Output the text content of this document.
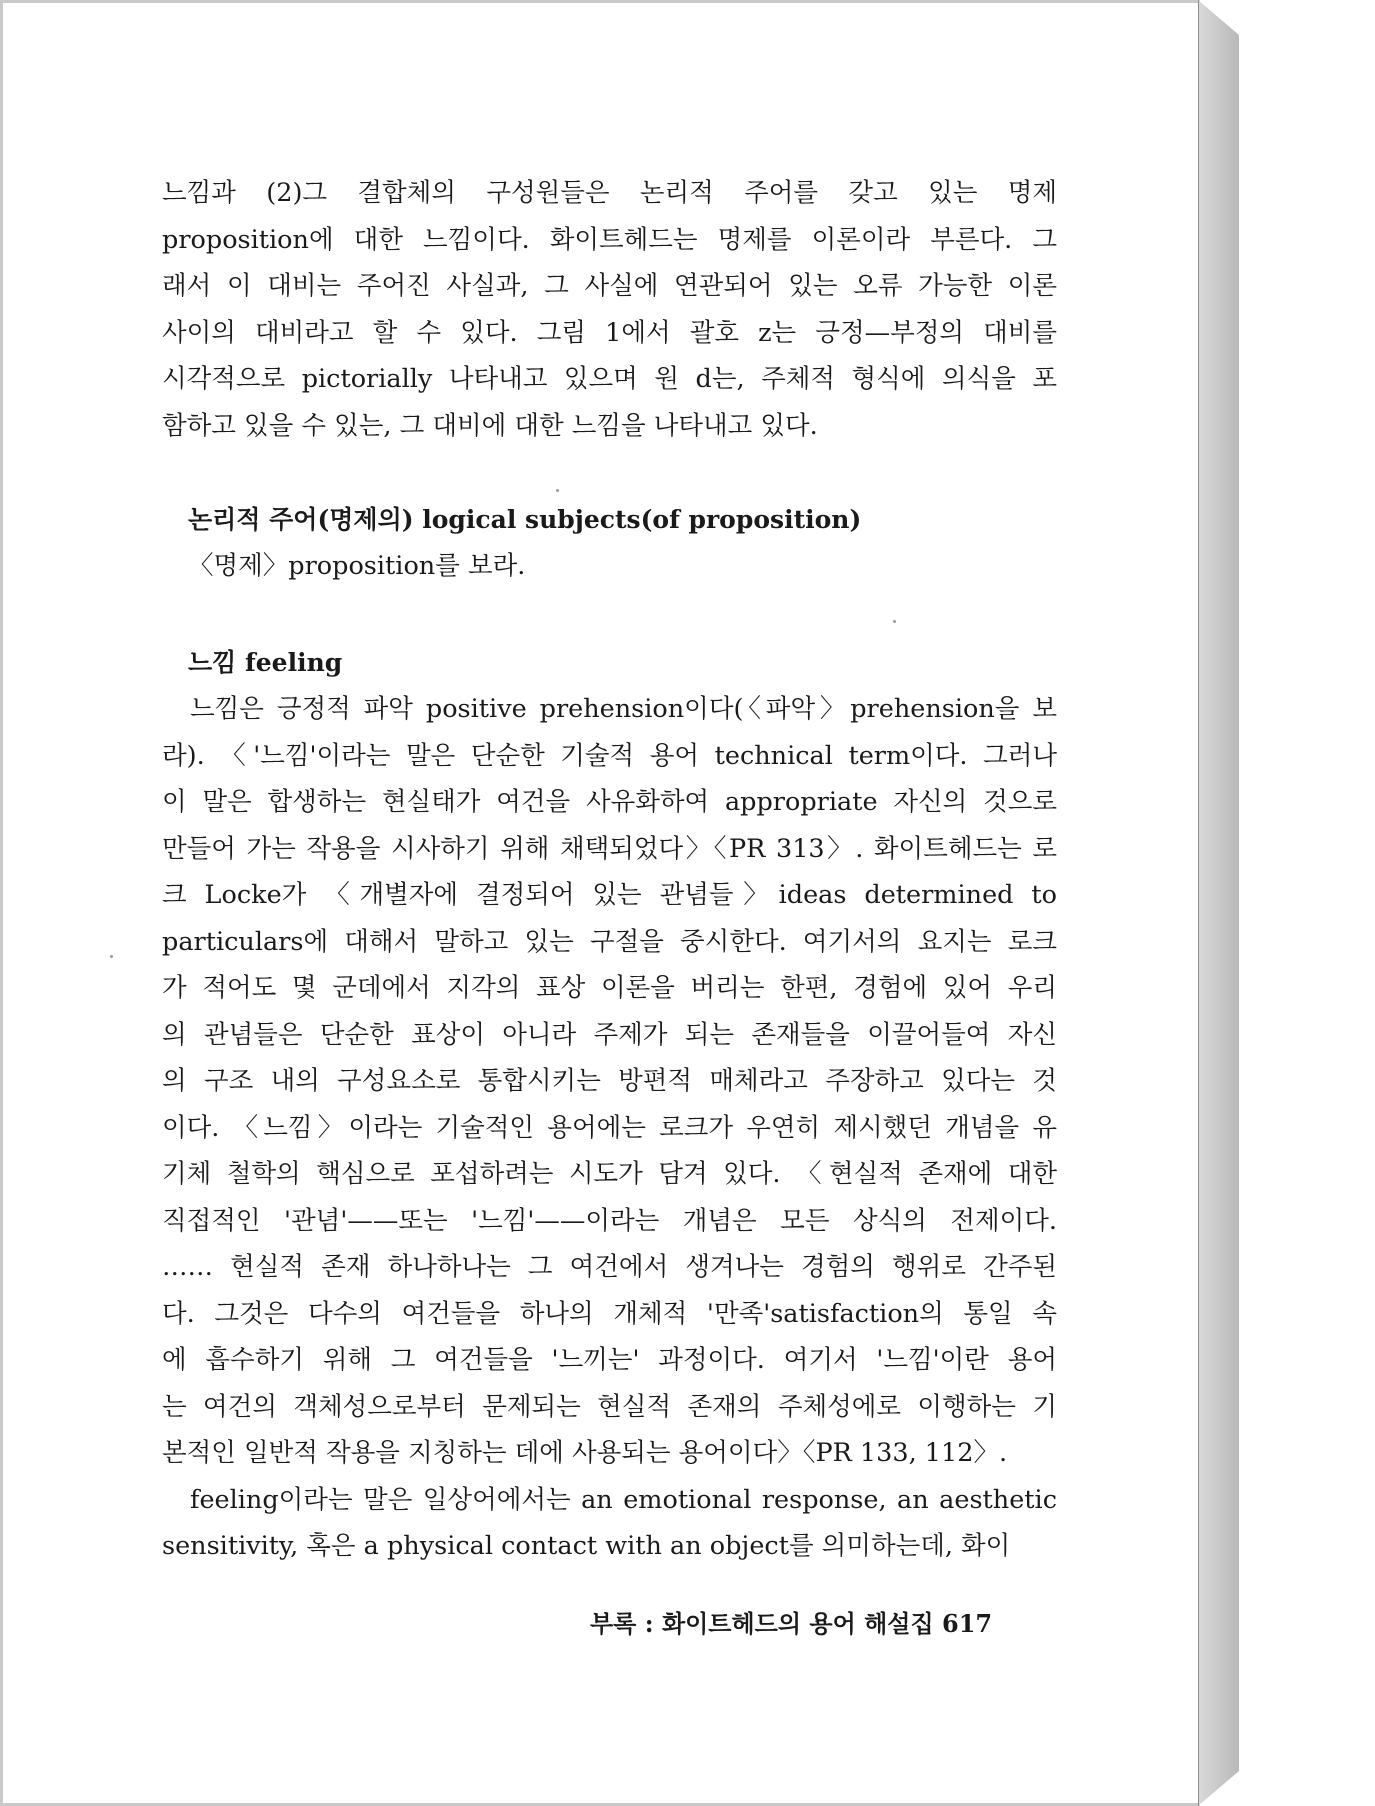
느낌과 (2)그 결합체의 구성원들은 논리적 주어를 갖고 있는 명제
proposition에 대한 느낌이다. 화이트헤드는 명제를 이론이라 부른다. 그
래서 이 대비는 주어진 사실과, 그 사실에 연관되어 있는 오류 가능한 이론
사이의 대비라고 할 수 있다. 그림 1에서 괄호 z는 긍정—부정의 대비를
시각적으로 pictorially 나타내고 있으며 원 d는, 주체적 형식에 의식을 포
함하고 있을 수 있는, 그 대비에 대한 느낌을 나타내고 있다.
논리적 주어(명제의) logical subjects(of proposition)
〈명제〉proposition를 보라.
느낌 feeling
느낌은 긍정적 파악 positive prehension이다(〈파악〉prehension을 보
라). 〈'느낌'이라는 말은 단순한 기술적 용어 technical term이다. 그러나
이 말은 합생하는 현실태가 여건을 사유화하여 appropriate 자신의 것으로
만들어 가는 작용을 시사하기 위해 채택되었다〉〈PR 313〉. 화이트헤드는 로
크 Locke가 〈개별자에 결정되어 있는 관념들〉ideas determined to
particulars에 대해서 말하고 있는 구절을 중시한다. 여기서의 요지는 로크
가 적어도 몇 군데에서 지각의 표상 이론을 버리는 한편, 경험에 있어 우리
의 관념들은 단순한 표상이 아니라 주제가 되는 존재들을 이끌어들여 자신
의 구조 내의 구성요소로 통합시키는 방편적 매체라고 주장하고 있다는 것
이다. 〈느낌〉이라는 기술적인 용어에는 로크가 우연히 제시했던 개념을 유
기체 철학의 핵심으로 포섭하려는 시도가 담겨 있다. 〈현실적 존재에 대한
직접적인 '관념'——또는 '느낌'——이라는 개념은 모든 상식의 전제이다.
…… 현실적 존재 하나하나는 그 여건에서 생겨나는 경험의 행위로 간주된
다. 그것은 다수의 여건들을 하나의 개체적 '만족'satisfaction의 통일 속
에 흡수하기 위해 그 여건들을 '느끼는' 과정이다. 여기서 '느낌'이란 용어
는 여건의 객체성으로부터 문제되는 현실적 존재의 주체성에로 이행하는 기
본적인 일반적 작용을 지칭하는 데에 사용되는 용어이다〉〈PR 133, 112〉.
feeling이라는 말은 일상어에서는 an emotional response, an aesthetic
sensitivity, 혹은 a physical contact with an object를 의미하는데, 화이
부록 : 화이트헤드의 용어 해설집 617
